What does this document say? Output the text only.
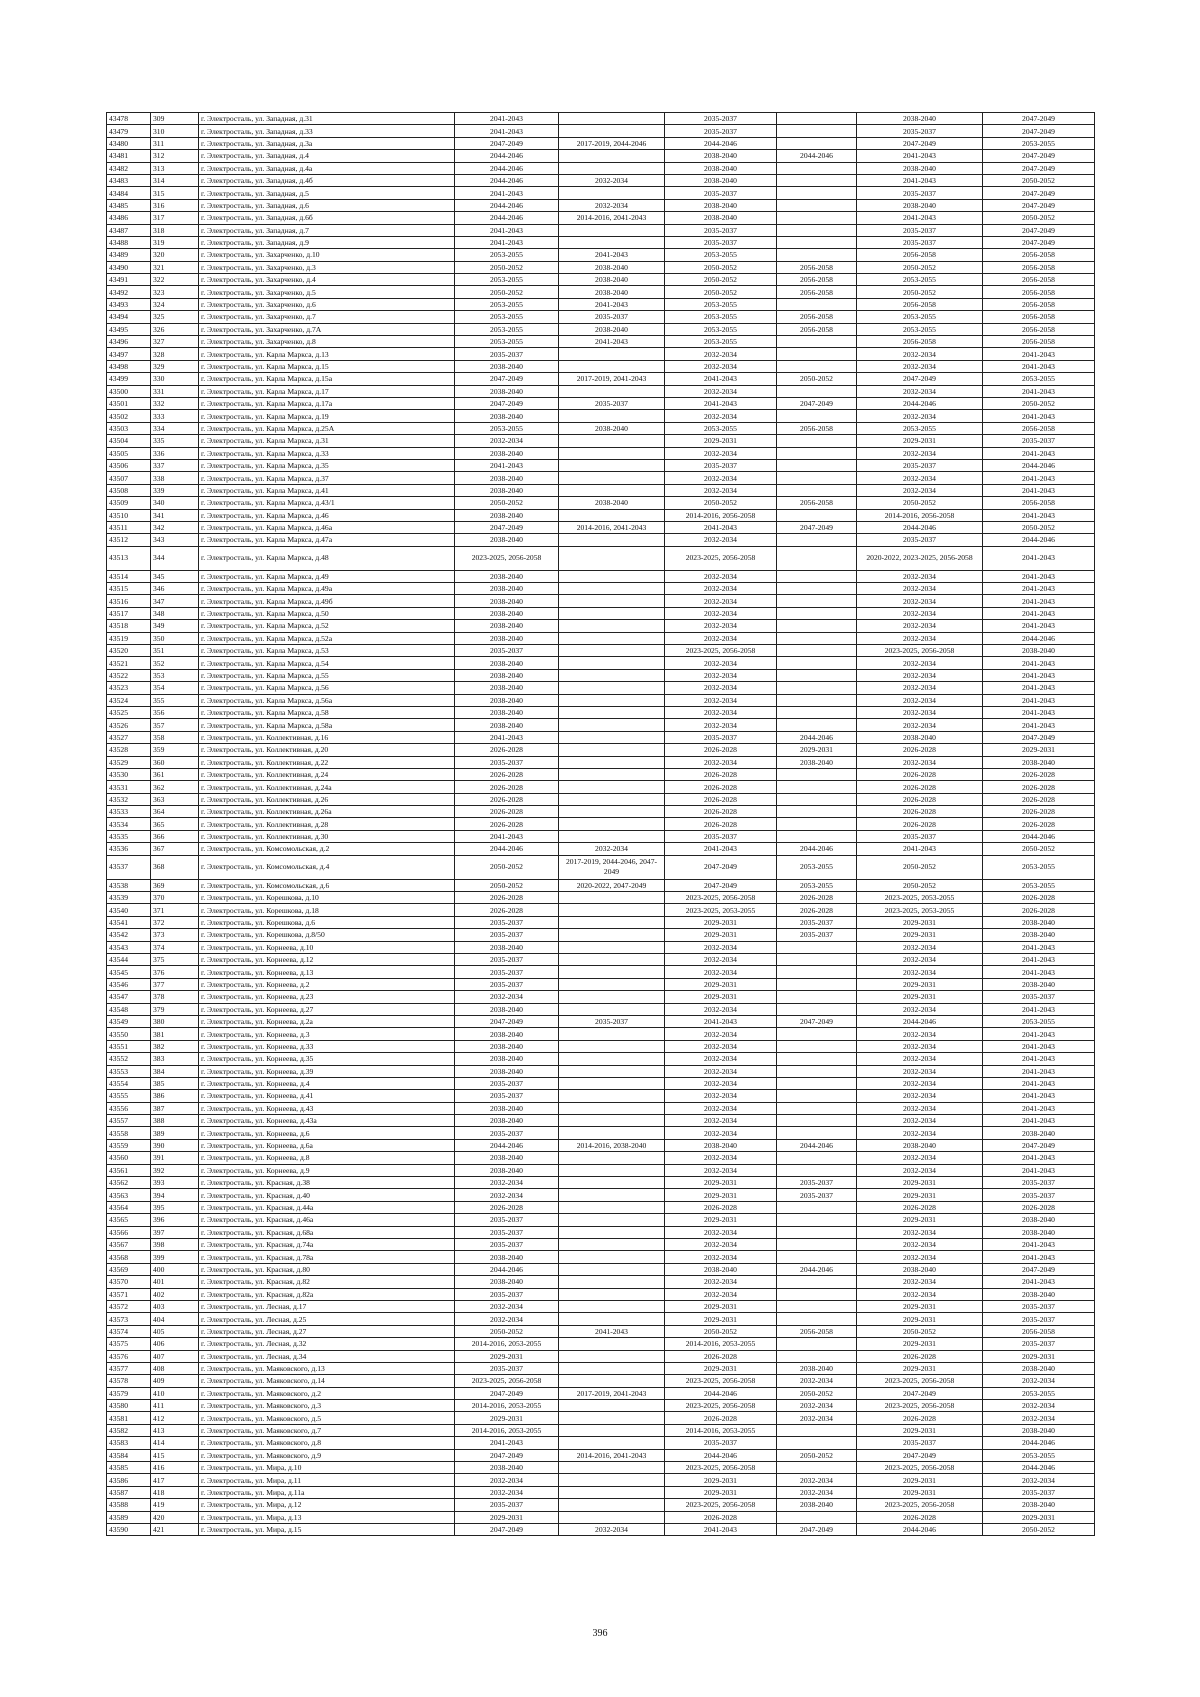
43478	309	г. Электросталь, ул. Западная, д.31	2041-2043		2035-2037		2038-2040	2047-2049
43479	310	г. Электросталь, ул. Западная, д.33	2041-2043		2035-2037		2035-2037	2047-2049
43480	311	г. Электросталь, ул. Западная, д.3а	2047-2049	2017-2019, 2044-2046	2044-2046		2047-2049	2053-2055
43481	312	г. Электросталь, ул. Западная, д.4	2044-2046		2038-2040	2044-2046	2041-2043	2047-2049
43482	313	г. Электросталь, ул. Западная, д.4а	2044-2046		2038-2040		2038-2040	2047-2049
43483	314	г. Электросталь, ул. Западная, д.4б	2044-2046	2032-2034	2038-2040		2041-2043	2050-2052
43484	315	г. Электросталь, ул. Западная, д.5	2041-2043		2035-2037		2035-2037	2047-2049
43485	316	г. Электросталь, ул. Западная, д.6	2044-2046	2032-2034	2038-2040		2038-2040	2047-2049
43486	317	г. Электросталь, ул. Западная, д.6б	2044-2046	2014-2016, 2041-2043	2038-2040		2041-2043	2050-2052
43487	318	г. Электросталь, ул. Западная, д.7	2041-2043		2035-2037		2035-2037	2047-2049
43488	319	г. Электросталь, ул. Западная, д.9	2041-2043		2035-2037		2035-2037	2047-2049
43489	320	г. Электросталь, ул. Захарченко, д.10	2053-2055	2041-2043	2053-2055		2056-2058	2056-2058
43490	321	г. Электросталь, ул. Захарченко, д.3	2050-2052	2038-2040	2050-2052	2056-2058	2050-2052	2056-2058
43491	322	г. Электросталь, ул. Захарченко, д.4	2053-2055	2038-2040	2050-2052	2056-2058	2053-2055	2056-2058
43492	323	г. Электросталь, ул. Захарченко, д.5	2050-2052	2038-2040	2050-2052	2056-2058	2050-2052	2056-2058
43493	324	г. Электросталь, ул. Захарченко, д.6	2053-2055	2041-2043	2053-2055		2056-2058	2056-2058
43494	325	г. Электросталь, ул. Захарченко, д.7	2053-2055	2035-2037	2053-2055	2056-2058	2053-2055	2056-2058
43495	326	г. Электросталь, ул. Захарченко, д.7А	2053-2055	2038-2040	2053-2055	2056-2058	2053-2055	2056-2058
43496	327	г. Электросталь, ул. Захарченко, д.8	2053-2055	2041-2043	2053-2055		2056-2058	2056-2058
43497	328	г. Электросталь, ул. Карла Маркса, д.13	2035-2037		2032-2034		2032-2034	2041-2043
43498	329	г. Электросталь, ул. Карла Маркса, д.15	2038-2040		2032-2034		2032-2034	2041-2043
43499	330	г. Электросталь, ул. Карла Маркса, д.15а	2047-2049	2017-2019, 2041-2043	2041-2043	2050-2052	2047-2049	2053-2055
43500	331	г. Электросталь, ул. Карла Маркса, д.17	2038-2040		2032-2034		2032-2034	2041-2043
43501	332	г. Электросталь, ул. Карла Маркса, д.17а	2047-2049	2035-2037	2041-2043	2047-2049	2044-2046	2050-2052
43502	333	г. Электросталь, ул. Карла Маркса, д.19	2038-2040		2032-2034		2032-2034	2041-2043
43503	334	г. Электросталь, ул. Карла Маркса, д.25А	2053-2055	2038-2040	2053-2055	2056-2058	2053-2055	2056-2058
43504	335	г. Электросталь, ул. Карла Маркса, д.31	2032-2034		2029-2031		2029-2031	2035-2037
43505	336	г. Электросталь, ул. Карла Маркса, д.33	2038-2040		2032-2034		2032-2034	2041-2043
43506	337	г. Электросталь, ул. Карла Маркса, д.35	2041-2043		2035-2037		2035-2037	2044-2046
43507	338	г. Электросталь, ул. Карла Маркса, д.37	2038-2040		2032-2034		2032-2034	2041-2043
43508	339	г. Электросталь, ул. Карла Маркса, д.41	2038-2040		2032-2034		2032-2034	2041-2043
43509	340	г. Электросталь, ул. Карла Маркса, д.43/1	2050-2052	2038-2040	2050-2052	2056-2058	2050-2052	2056-2058
43510	341	г. Электросталь, ул. Карла Маркса, д.46	2038-2040		2014-2016, 2056-2058		2014-2016, 2056-2058	2041-2043
43511	342	г. Электросталь, ул. Карла Маркса, д.46а	2047-2049	2014-2016, 2041-2043	2041-2043	2047-2049	2044-2046	2050-2052
43512	343	г. Электросталь, ул. Карла Маркса, д.47а	2038-2040		2032-2034		2035-2037	2044-2046
43513	344	г. Электросталь, ул. Карла Маркса, д.48	2023-2025, 2056-2058		2023-2025, 2056-2058		2020-2022, 2023-2025, 2056-2058	2041-2043
43514	345	г. Электросталь, ул. Карла Маркса, д.49	2038-2040		2032-2034		2032-2034	2041-2043
43515	346	г. Электросталь, ул. Карла Маркса, д.49а	2038-2040		2032-2034		2032-2034	2041-2043
43516	347	г. Электросталь, ул. Карла Маркса, д.49б	2038-2040		2032-2034		2032-2034	2041-2043
43517	348	г. Электросталь, ул. Карла Маркса, д.50	2038-2040		2032-2034		2032-2034	2041-2043
43518	349	г. Электросталь, ул. Карла Маркса, д.52	2038-2040		2032-2034		2032-2034	2041-2043
43519	350	г. Электросталь, ул. Карла Маркса, д.52а	2038-2040		2032-2034		2032-2034	2044-2046
43520	351	г. Электросталь, ул. Карла Маркса, д.53	2035-2037		2023-2025, 2056-2058		2023-2025, 2056-2058	2038-2040
43521	352	г. Электросталь, ул. Карла Маркса, д.54	2038-2040		2032-2034		2032-2034	2041-2043
43522	353	г. Электросталь, ул. Карла Маркса, д.55	2038-2040		2032-2034		2032-2034	2041-2043
43523	354	г. Электросталь, ул. Карла Маркса, д.56	2038-2040		2032-2034		2032-2034	2041-2043
43524	355	г. Электросталь, ул. Карла Маркса, д.56а	2038-2040		2032-2034		2032-2034	2041-2043
43525	356	г. Электросталь, ул. Карла Маркса, д.58	2038-2040		2032-2034		2032-2034	2041-2043
43526	357	г. Электросталь, ул. Карла Маркса, д.58а	2038-2040		2032-2034		2032-2034	2041-2043
43527	358	г. Электросталь, ул. Коллективная, д.16	2041-2043		2035-2037	2044-2046	2038-2040	2047-2049
43528	359	г. Электросталь, ул. Коллективная, д.20	2026-2028		2026-2028	2029-2031	2026-2028	2029-2031
43529	360	г. Электросталь, ул. Коллективная, д.22	2035-2037		2032-2034	2038-2040	2032-2034	2038-2040
43530	361	г. Электросталь, ул. Коллективная, д.24	2026-2028		2026-2028		2026-2028	2026-2028
43531	362	г. Электросталь, ул. Коллективная, д.24а	2026-2028		2026-2028		2026-2028	2026-2028
43532	363	г. Электросталь, ул. Коллективная, д.26	2026-2028		2026-2028		2026-2028	2026-2028
43533	364	г. Электросталь, ул. Коллективная, д.26а	2026-2028		2026-2028		2026-2028	2026-2028
43534	365	г. Электросталь, ул. Коллективная, д.28	2026-2028		2026-2028		2026-2028	2026-2028
43535	366	г. Электросталь, ул. Коллективная, д.30	2041-2043		2035-2037		2035-2037	2044-2046
43536	367	г. Электросталь, ул. Комсомольская, д.2	2044-2046	2032-2034	2041-2043	2044-2046	2041-2043	2050-2052
43537	368	г. Электросталь, ул. Комсомольская, д.4	2050-2052	2017-2019, 2044-2046, 2047-2049	2047-2049	2053-2055	2050-2052	2053-2055
43538	369	г. Электросталь, ул. Комсомольская, д.6	2050-2052	2020-2022, 2047-2049	2047-2049	2053-2055	2050-2052	2053-2055
43539	370	г. Электросталь, ул. Корешкова, д.10	2026-2028		2023-2025, 2056-2058	2026-2028	2023-2025, 2053-2055	2026-2028
43540	371	г. Электросталь, ул. Корешкова, д.18	2026-2028		2023-2025, 2053-2055	2026-2028	2023-2025, 2053-2055	2026-2028
43541	372	г. Электросталь, ул. Корешкова, д.6	2035-2037		2029-2031	2035-2037	2029-2031	2038-2040
43542	373	г. Электросталь, ул. Корешкова, д.8/50	2035-2037		2029-2031	2035-2037	2029-2031	2038-2040
43543	374	г. Электросталь, ул. Корнеева, д.10	2038-2040		2032-2034		2032-2034	2041-2043
43544	375	г. Электросталь, ул. Корнеева, д.12	2035-2037		2032-2034		2032-2034	2041-2043
43545	376	г. Электросталь, ул. Корнеева, д.13	2035-2037		2032-2034		2032-2034	2041-2043
43546	377	г. Электросталь, ул. Корнеева, д.2	2035-2037		2029-2031		2029-2031	2038-2040
43547	378	г. Электросталь, ул. Корнеева, д.23	2032-2034		2029-2031		2029-2031	2035-2037
43548	379	г. Электросталь, ул. Корнеева, д.27	2038-2040		2032-2034		2032-2034	2041-2043
43549	380	г. Электросталь, ул. Корнеева, д.2а	2047-2049	2035-2037	2041-2043	2047-2049	2044-2046	2053-2055
43550	381	г. Электросталь, ул. Корнеева, д.3	2038-2040		2032-2034		2032-2034	2041-2043
43551	382	г. Электросталь, ул. Корнеева, д.33	2038-2040		2032-2034		2032-2034	2041-2043
43552	383	г. Электросталь, ул. Корнеева, д.35	2038-2040		2032-2034		2032-2034	2041-2043
43553	384	г. Электросталь, ул. Корнеева, д.39	2038-2040		2032-2034		2032-2034	2041-2043
43554	385	г. Электросталь, ул. Корнеева, д.4	2035-2037		2032-2034		2032-2034	2041-2043
43555	386	г. Электросталь, ул. Корнеева, д.41	2035-2037		2032-2034		2032-2034	2041-2043
43556	387	г. Электросталь, ул. Корнеева, д.43	2038-2040		2032-2034		2032-2034	2041-2043
43557	388	г. Электросталь, ул. Корнеева, д.43а	2038-2040		2032-2034		2032-2034	2041-2043
43558	389	г. Электросталь, ул. Корнеева, д.6	2035-2037		2032-2034		2032-2034	2038-2040
43559	390	г. Электросталь, ул. Корнеева, д.6а	2044-2046	2014-2016, 2038-2040	2038-2040	2044-2046	2038-2040	2047-2049
43560	391	г. Электросталь, ул. Корнеева, д.8	2038-2040		2032-2034		2032-2034	2041-2043
43561	392	г. Электросталь, ул. Корнеева, д.9	2038-2040		2032-2034		2032-2034	2041-2043
43562	393	г. Электросталь, ул. Красная, д.38	2032-2034		2029-2031	2035-2037	2029-2031	2035-2037
43563	394	г. Электросталь, ул. Красная, д.40	2032-2034		2029-2031	2035-2037	2029-2031	2035-2037
43564	395	г. Электросталь, ул. Красная, д.44а	2026-2028		2026-2028		2026-2028	2026-2028
43565	396	г. Электросталь, ул. Красная, д.46а	2035-2037		2029-2031		2029-2031	2038-2040
43566	397	г. Электросталь, ул. Красная, д.68а	2035-2037		2032-2034		2032-2034	2038-2040
43567	398	г. Электросталь, ул. Красная, д.74а	2035-2037		2032-2034		2032-2034	2041-2043
43568	399	г. Электросталь, ул. Красная, д.78а	2038-2040		2032-2034		2032-2034	2041-2043
43569	400	г. Электросталь, ул. Красная, д.80	2044-2046		2038-2040	2044-2046	2038-2040	2047-2049
43570	401	г. Электросталь, ул. Красная, д.82	2038-2040		2032-2034		2032-2034	2041-2043
43571	402	г. Электросталь, ул. Красная, д.82а	2035-2037		2032-2034		2032-2034	2038-2040
43572	403	г. Электросталь, ул. Лесная, д.17	2032-2034		2029-2031		2029-2031	2035-2037
43573	404	г. Электросталь, ул. Лесная, д.25	2032-2034		2029-2031		2029-2031	2035-2037
43574	405	г. Электросталь, ул. Лесная, д.27	2050-2052	2041-2043	2050-2052	2056-2058	2050-2052	2056-2058
43575	406	г. Электросталь, ул. Лесная, д.32	2014-2016, 2053-2055		2014-2016, 2053-2055		2029-2031	2035-2037
43576	407	г. Электросталь, ул. Лесная, д.34	2029-2031		2026-2028		2026-2028	2029-2031
43577	408	г. Электросталь, ул. Маяковского, д.13	2035-2037		2029-2031	2038-2040	2029-2031	2038-2040
43578	409	г. Электросталь, ул. Маяковского, д.14	2023-2025, 2056-2058		2023-2025, 2056-2058	2032-2034	2023-2025, 2056-2058	2032-2034
43579	410	г. Электросталь, ул. Маяковского, д.2	2047-2049	2017-2019, 2041-2043	2044-2046	2050-2052	2047-2049	2053-2055
43580	411	г. Электросталь, ул. Маяковского, д.3	2014-2016, 2053-2055		2023-2025, 2056-2058	2032-2034	2023-2025, 2056-2058	2032-2034
43581	412	г. Электросталь, ул. Маяковского, д.5	2029-2031		2026-2028	2032-2034	2026-2028	2032-2034
43582	413	г. Электросталь, ул. Маяковского, д.7	2014-2016, 2053-2055		2014-2016, 2053-2055		2029-2031	2038-2040
43583	414	г. Электросталь, ул. Маяковского, д.8	2041-2043		2035-2037		2035-2037	2044-2046
43584	415	г. Электросталь, ул. Маяковского, д.9	2047-2049	2014-2016, 2041-2043	2044-2046	2050-2052	2047-2049	2053-2055
43585	416	г. Электросталь, ул. Мира, д.10	2038-2040		2023-2025, 2056-2058		2023-2025, 2056-2058	2044-2046
43586	417	г. Электросталь, ул. Мира, д.11	2032-2034		2029-2031	2032-2034	2029-2031	2032-2034
43587	418	г. Электросталь, ул. Мира, д.11а	2032-2034		2029-2031	2032-2034	2029-2031	2035-2037
43588	419	г. Электросталь, ул. Мира, д.12	2035-2037		2023-2025, 2056-2058	2038-2040	2023-2025, 2056-2058	2038-2040
43589	420	г. Электросталь, ул. Мира, д.13	2029-2031		2026-2028		2026-2028	2029-2031
43590	421	г. Электросталь, ул. Мира, д.15	2047-2049	2032-2034	2041-2043	2047-2049	2044-2046	2050-2052
396
